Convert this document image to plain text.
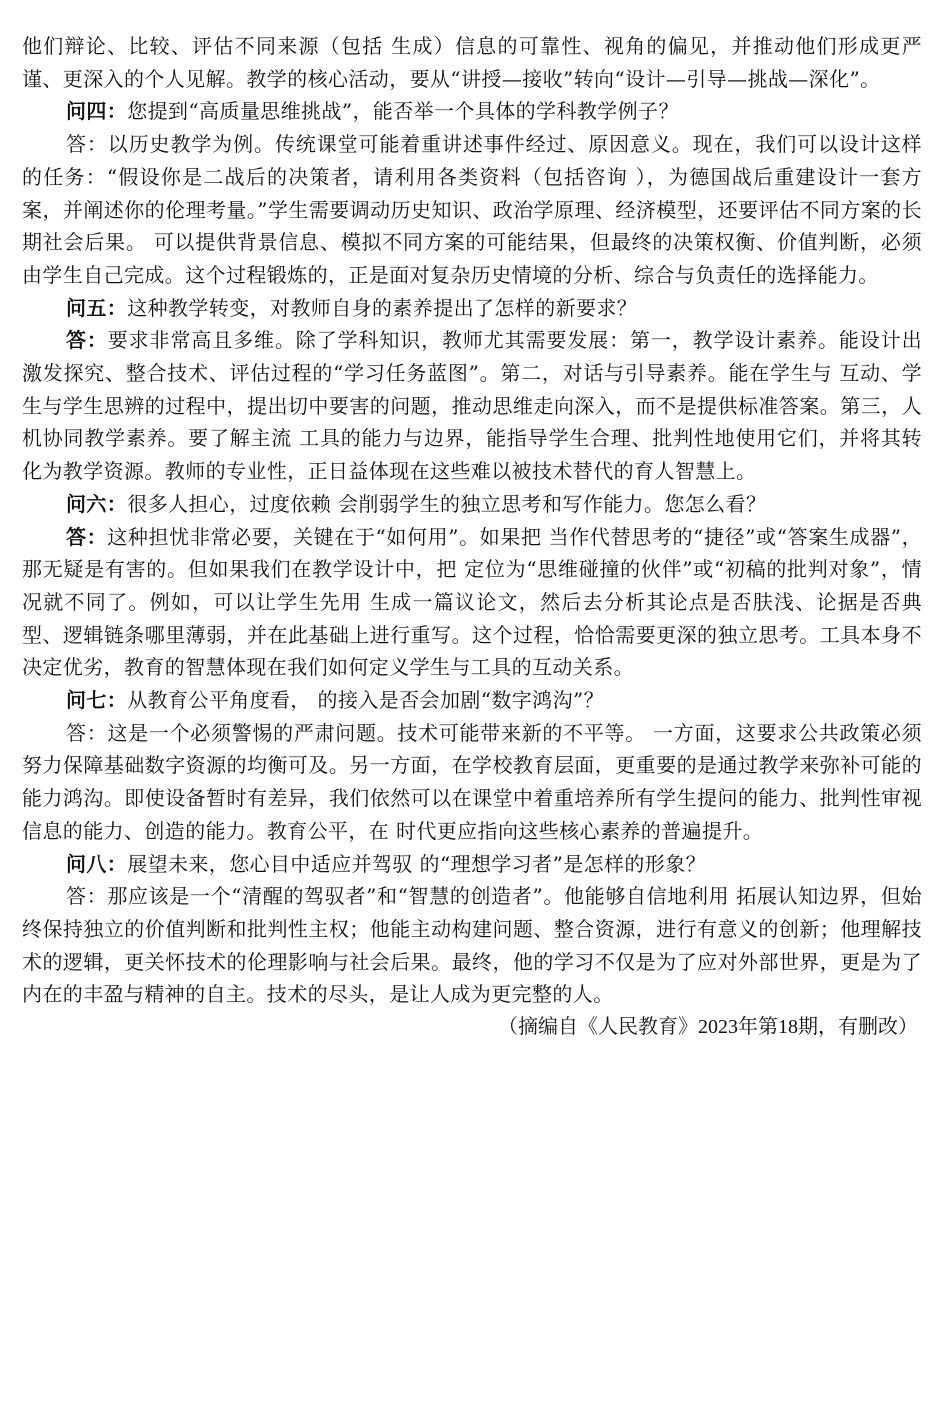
他们辩论、比较、评估不同来源（包括 生成）信息的可靠性、视角的偏见，并推动他们形成更严谨、更深入的个人见解。教学的核心活动，要从“讲授—接收”转向“设计—引导—挑战—深化”。

问四：您提到“高质量思维挑战”，能否举一个具体的学科教学例子？

答：以历史教学为例。传统课堂可能着重讲述事件经过、原因意义。现在，我们可以设计这样的任务：“假设你是二战后的决策者，请利用各类资料（包括咨询 ），为德国战后重建设计一套方案，并阐述你的伦理考量。”学生需要调动历史知识、政治学原理、经济模型，还要评估不同方案的长期社会后果。 可以提供背景信息、模拟不同方案的可能结果，但最终的决策权衡、价值判断，必须由学生自己完成。这个过程锻炼的，正是面对复杂历史情境的分析、综合与负责任的选择能力。

问五：这种教学转变，对教师自身的素养提出了怎样的新要求？

答：要求非常高且多维。除了学科知识，教师尤其需要发展：第一，教学设计素养。能设计出激发探究、整合技术、评估过程的“学习任务蓝图”。第二，对话与引导素养。能在学生与 互动、学生与学生思辨的过程中，提出切中要害的问题，推动思维走向深入，而不是提供标准答案。第三，人机协同教学素养。要了解主流 工具的能力与边界，能指导学生合理、批判性地使用它们，并将其转化为教学资源。教师的专业性，正日益体现在这些难以被技术替代的育人智慧上。

问六：很多人担心，过度依赖 会削弱学生的独立思考和写作能力。您怎么看？

答：这种担忧非常必要，关键在于“如何用”。如果把 当作代替思考的“捷径”或“答案生成器”，那无疑是有害的。但如果我们在教学设计中，把 定位为“思维碰撞的伙伴”或“初稿的批判对象”，情况就不同了。例如，可以让学生先用 生成一篇议论文，然后去分析其论点是否肤浅、论据是否典型、逻辑链条哪里薄弱，并在此基础上进行重写。这个过程，恰恰需要更深的独立思考。工具本身不决定优劣，教育的智慧体现在我们如何定义学生与工具的互动关系。

问七：从教育公平角度看， 的接入是否会加剧“数字鸿沟”？

答：这是一个必须警惕的严肃问题。技术可能带来新的不平等。 一方面，这要求公共政策必须努力保障基础数字资源的均衡可及。另一方面，在学校教育层面，更重要的是通过教学来弥补可能的能力鸿沟。即使设备暂时有差异，我们依然可以在课堂中着重培养所有学生提问的能力、批判性审视信息的能力、创造的能力。教育公平，在 时代更应指向这些核心素养的普遍提升。

问八：展望未来，您心目中适应并驾驭 的“理想学习者”是怎样的形象？

答：那应该是一个“清醒的驾驭者”和“智慧的创造者”。他能够自信地利用 拓展认知边界，但始终保持独立的价值判断和批判性主权；他能主动构建问题、整合资源，进行有意义的创新；他理解技术的逻辑，更关怀技术的伦理影响与社会后果。最终，他的学习不仅是为了应对外部世界，更是为了内在的丰盈与精神的自主。技术的尽头，是让人成为更完整的人。

（摘编自《人民教育》2023年第18期，有删改）
